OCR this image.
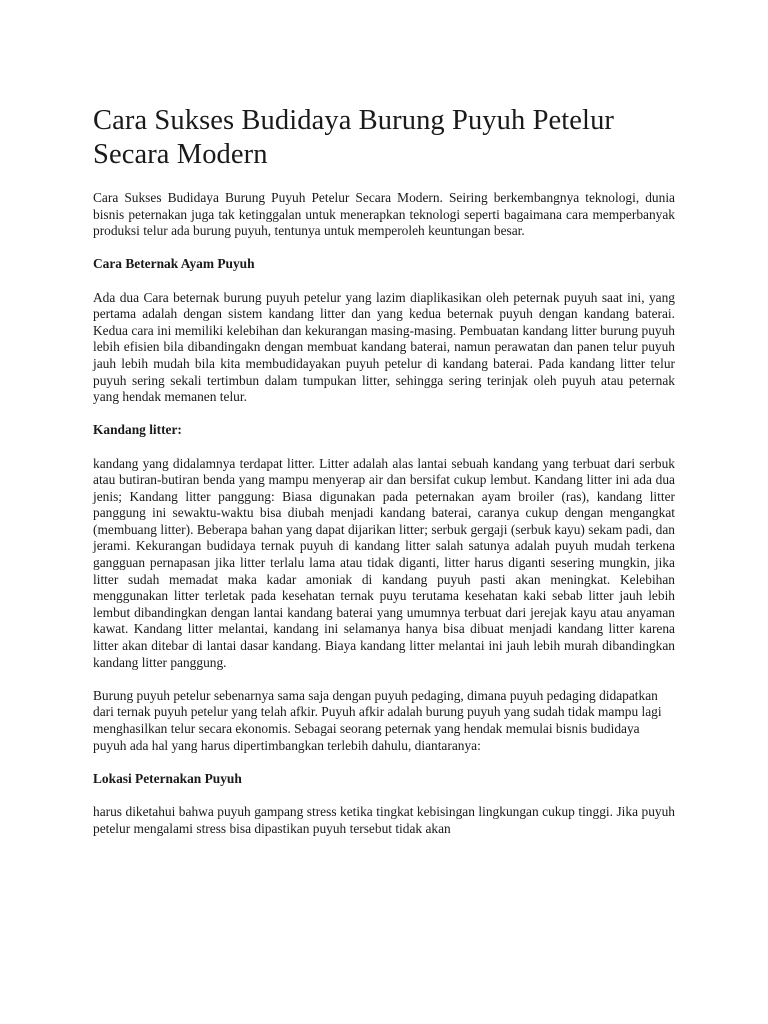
Cara Sukses Budidaya Burung Puyuh Petelur Secara Modern

Cara Sukses Budidaya Burung Puyuh Petelur Secara Modern. Seiring berkembangnya teknologi, dunia bisnis peternakan juga tak ketinggalan untuk menerapkan teknologi seperti bagaimana cara memperbanyak produksi telur ada burung puyuh, tentunya untuk memperoleh keuntungan besar.

Cara Beternak Ayam Puyuh

Ada dua Cara beternak burung puyuh petelur yang lazim diaplikasikan oleh peternak puyuh saat ini, yang pertama adalah dengan sistem kandang litter dan yang kedua beternak puyuh dengan kandang baterai. Kedua cara ini memiliki kelebihan dan kekurangan masing-masing. Pembuatan kandang litter burung puyuh lebih efisien bila dibandingakn dengan membuat kandang baterai, namun perawatan dan panen telur puyuh jauh lebih mudah bila kita membudidayakan puyuh petelur di kandang baterai. Pada kandang litter telur puyuh sering sekali tertimbun dalam tumpukan litter, sehingga sering terinjak oleh puyuh atau peternak yang hendak memanen telur.

Kandang litter:

kandang yang didalamnya terdapat litter. Litter adalah alas lantai sebuah kandang yang terbuat dari serbuk atau butiran-butiran benda yang mampu menyerap air dan bersifat cukup lembut. Kandang litter ini ada dua jenis; Kandang litter panggung: Biasa digunakan pada peternakan ayam broiler (ras), kandang litter panggung ini sewaktu-waktu bisa diubah menjadi kandang baterai, caranya cukup dengan mengangkat (membuang litter). Beberapa bahan yang dapat dijarikan litter; serbuk gergaji (serbuk kayu) sekam padi, dan jerami. Kekurangan budidaya ternak puyuh di kandang litter salah satunya adalah puyuh mudah terkena gangguan pernapasan jika litter terlalu lama atau tidak diganti, litter harus diganti sesering mungkin, jika litter sudah memadat maka kadar amoniak di kandang puyuh pasti akan meningkat. Kelebihan menggunakan litter terletak pada kesehatan ternak puyu terutama kesehatan kaki sebab litter jauh lebih lembut dibandingkan dengan lantai kandang baterai yang umumnya terbuat dari jerejak kayu atau anyaman kawat. Kandang litter melantai, kandang ini selamanya hanya bisa dibuat menjadi kandang litter karena litter akan ditebar di lantai dasar kandang. Biaya kandang litter melantai ini jauh lebih murah dibandingkan kandang litter panggung.

Burung puyuh petelur sebenarnya sama saja dengan puyuh pedaging, dimana puyuh pedaging didapatkan dari ternak puyuh petelur yang telah afkir. Puyuh afkir adalah burung puyuh yang sudah tidak mampu lagi menghasilkan telur secara ekonomis. Sebagai seorang peternak yang hendak memulai bisnis budidaya puyuh ada hal yang harus dipertimbangkan terlebih dahulu, diantaranya:

Lokasi Peternakan Puyuh

harus diketahui bahwa puyuh gampang stress ketika tingkat kebisingan lingkungan cukup tinggi. Jika puyuh petelur mengalami stress bisa dipastikan puyuh tersebut tidak akan
